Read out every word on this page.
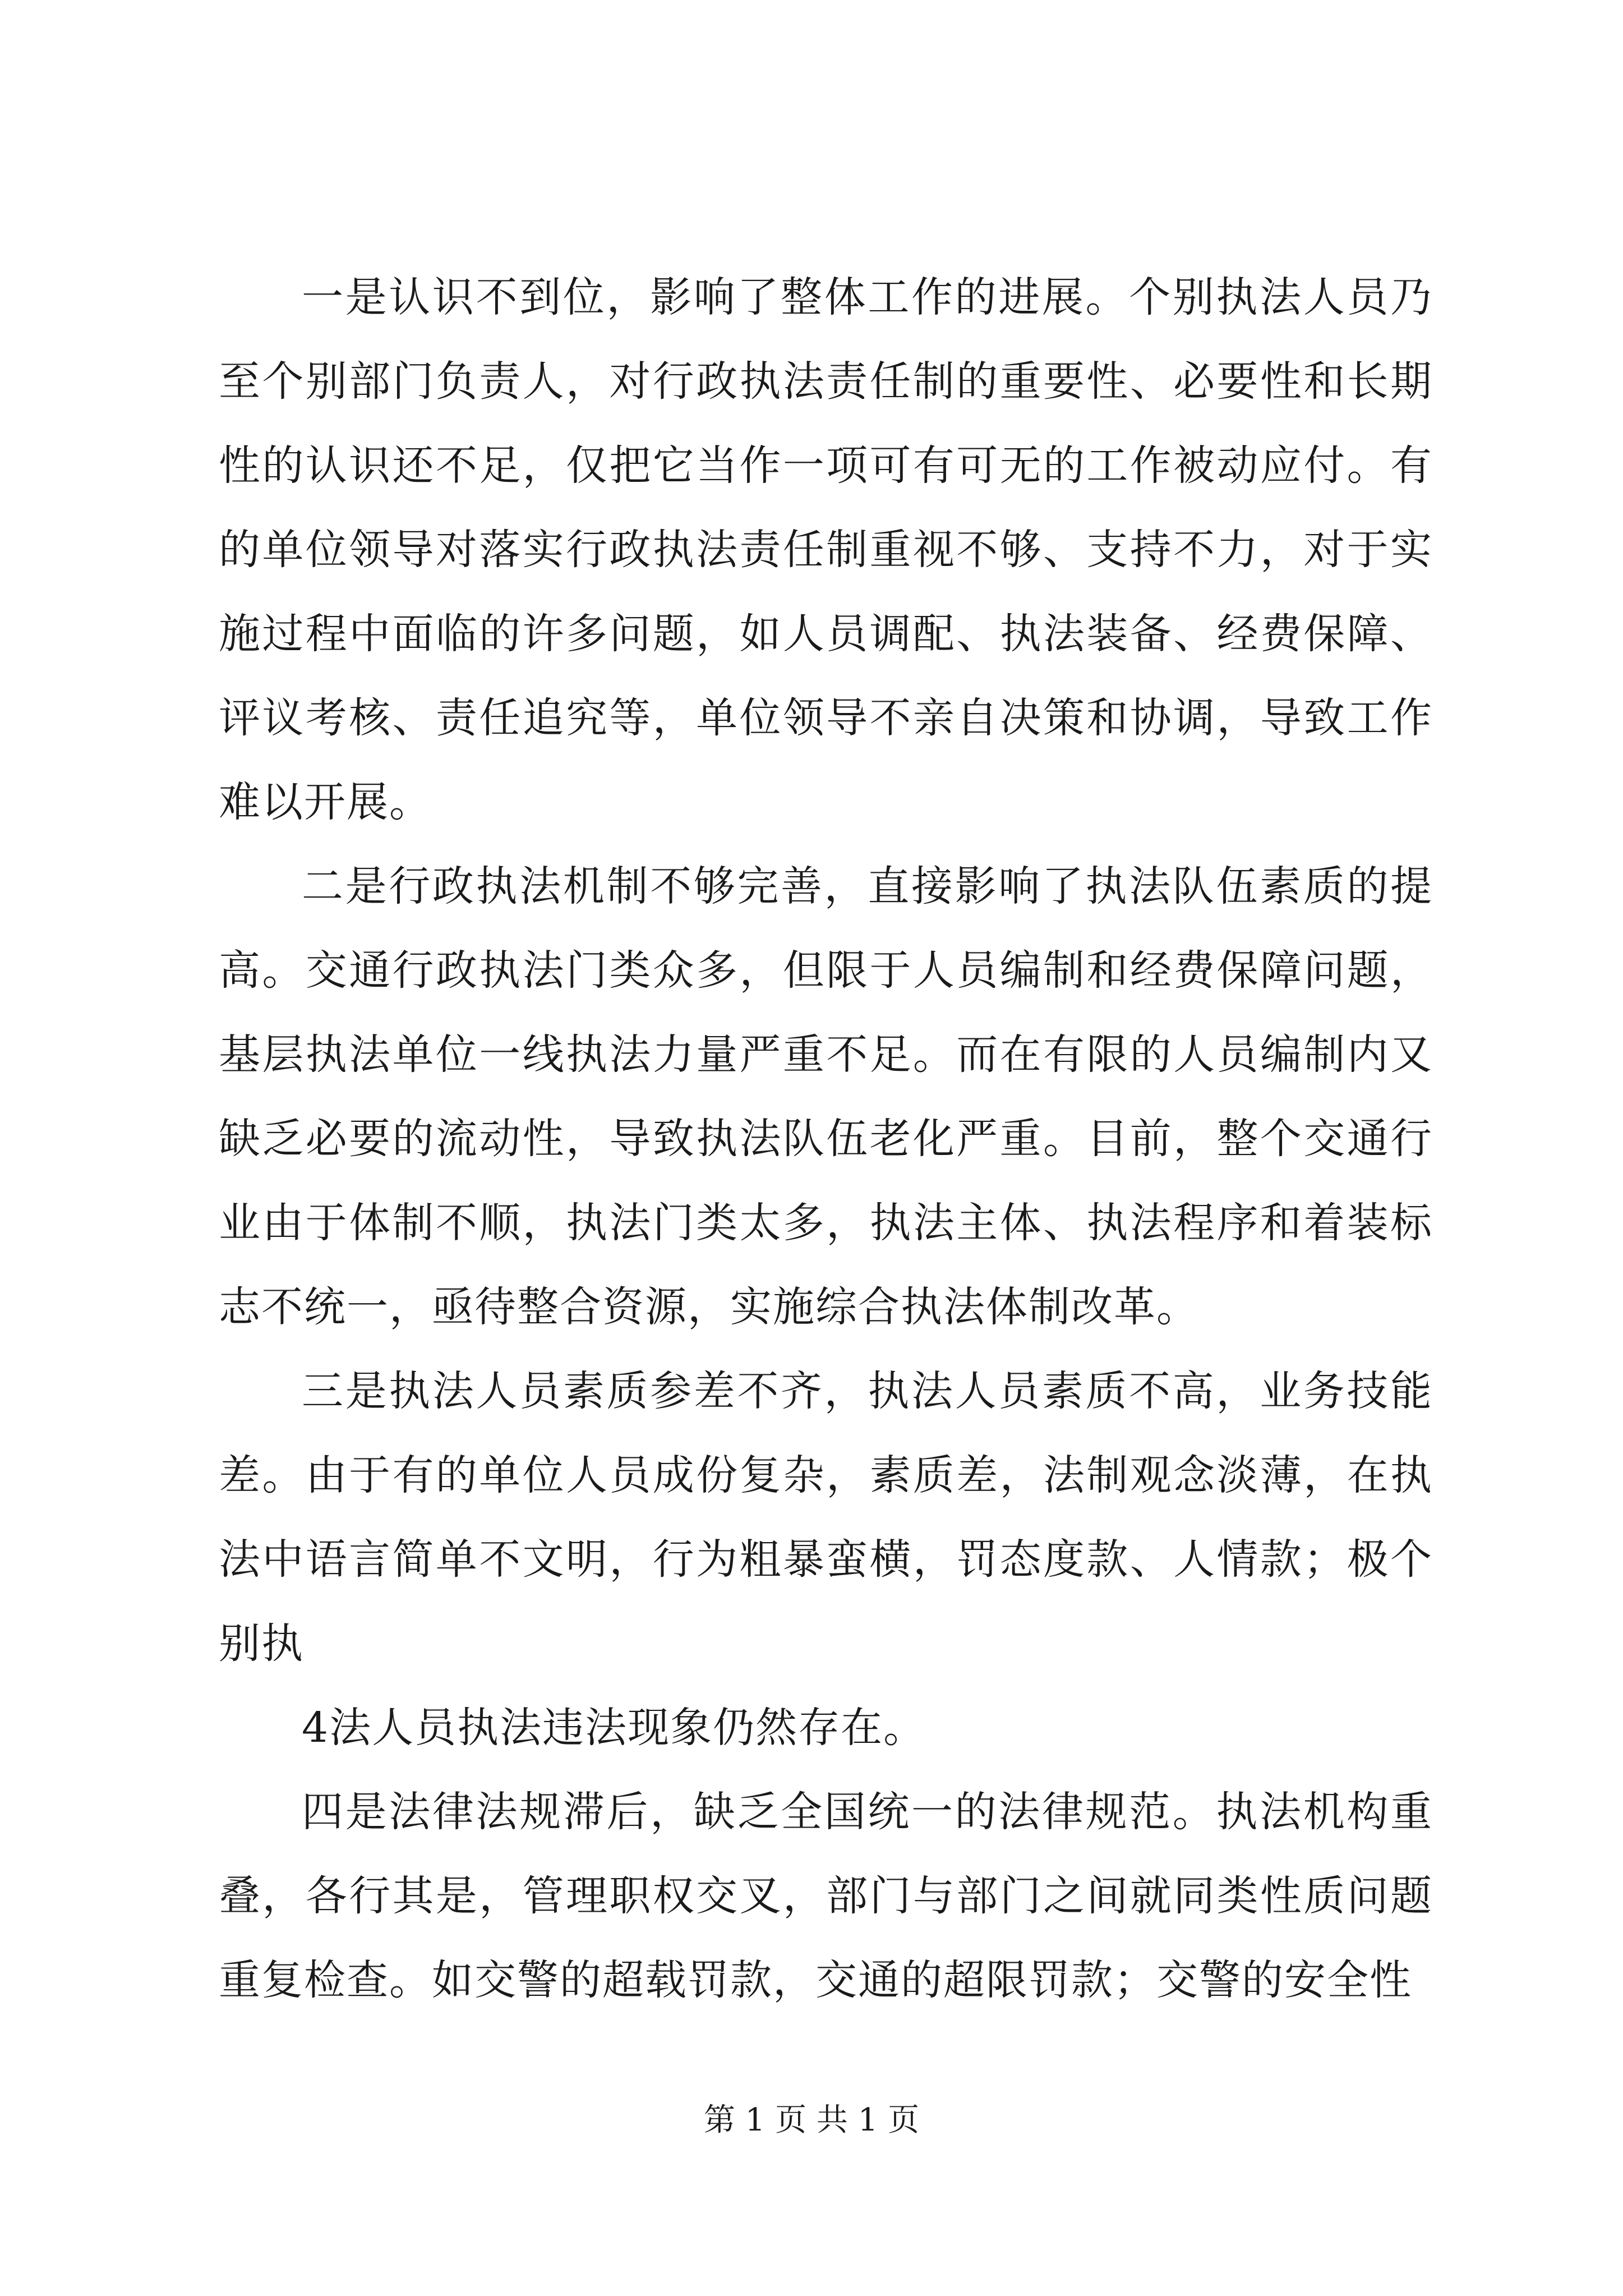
一是认识不到位，影响了整体工作的进展。个别执法人员乃至个别部门负责人，对行政执法责任制的重要性、必要性和长期性的认识还不足，仅把它当作一项可有可无的工作被动应付。有的单位领导对落实行政执法责任制重视不够、支持不力，对于实施过程中面临的许多问题，如人员调配、执法装备、经费保障、评议考核、责任追究等，单位领导不亲自决策和协调，导致工作难以开展。

二是行政执法机制不够完善，直接影响了执法队伍素质的提高。交通行政执法门类众多，但限于人员编制和经费保障问题，基层执法单位一线执法力量严重不足。而在有限的人员编制内又缺乏必要的流动性，导致执法队伍老化严重。目前，整个交通行业由于体制不顺，执法门类太多，执法主体、执法程序和着装标志不统一，亟待整合资源，实施综合执法体制改革。

三是执法人员素质参差不齐，执法人员素质不高，业务技能差。由于有的单位人员成份复杂，素质差，法制观念淡薄，在执法中语言简单不文明，行为粗暴蛮横，罚态度款、人情款；极个别执

4法人员执法违法现象仍然存在。

四是法律法规滞后，缺乏全国统一的法律规范。执法机构重叠，各行其是，管理职权交叉，部门与部门之间就同类性质问题重复检查。如交警的超载罚款，交通的超限罚款；交警的安全性

第 1 页 共 1 页
